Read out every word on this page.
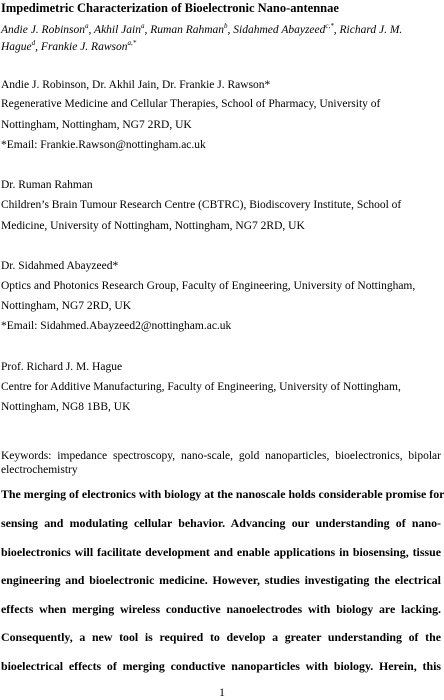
Impedimetric Characterization of Bioelectronic Nano-antennae
Andie J. Robinson$^a$, Akhil Jain$^a$, Ruman Rahman$^b$, Sidahmed Abayzeed$^{c,*}$, Richard J. M.
Hague$^d$, Frankie J. Rawson$^{a,*}$
Andie J. Robinson, Dr. Akhil Jain, Dr. Frankie J. Rawson*
Regenerative Medicine and Cellular Therapies, School of Pharmacy, University of
Nottingham, Nottingham, NG7 2RD, UK
*Email: Frankie.Rawson@nottingham.ac.uk
Dr. Ruman Rahman
Children’s Brain Tumour Research Centre (CBTRC), Biodiscovery Institute, School of
Medicine, University of Nottingham, Nottingham, NG7 2RD, UK
Dr. Sidahmed Abayzeed*
Optics and Photonics Research Group, Faculty of Engineering, University of Nottingham,
Nottingham, NG7 2RD, UK
*Email: Sidahmed.Abayzeed2@nottingham.ac.uk
Prof. Richard J. M. Hague
Centre for Additive Manufacturing, Faculty of Engineering, University of Nottingham,
Nottingham, NG8 1BB, UK
Keywords: impedance spectroscopy, nano-scale, gold nanoparticles, bioelectronics, bipolar electrochemistry
The merging of electronics with biology at the nanoscale holds considerable promise for
sensing and modulating cellular behavior. Advancing our understanding of nano-
bioelectronics will facilitate development and enable applications in biosensing, tissue
engineering and bioelectronic medicine. However, studies investigating the electrical
effects when merging wireless conductive nanoelectrodes with biology are lacking.
Consequently, a new tool is required to develop a greater understanding of the
bioelectrical effects of merging conductive nanoparticles with biology. Herein, this
1
